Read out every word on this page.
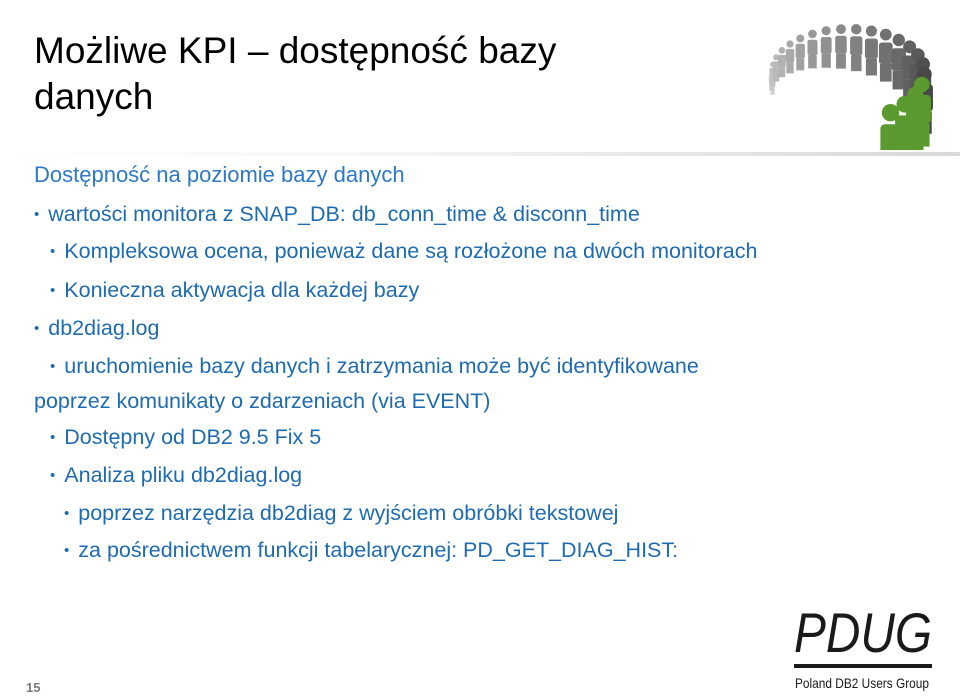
Możliwe KPI – dostępność bazy danych
Dostępność na poziomie bazy danych
• wartości monitora z SNAP_DB: db_conn_time & disconn_time
• Kompleksowa ocena, ponieważ dane są rozłożone na dwóch monitorach
• Konieczna aktywacja dla każdej bazy
• db2diag.log
• uruchomienie bazy danych i zatrzymania może być identyfikowane
poprzez komunikaty o zdarzeniach (via EVENT)
• Dostępny od DB2 9.5 Fix 5
• Analiza pliku db2diag.log
• poprzez narzędzia db2diag z wyjściem obróbki tekstowej
• za pośrednictwem funkcji tabelarycznej: PD_GET_DIAG_HIST:
PDUG
Poland DB2 Users Group
15
